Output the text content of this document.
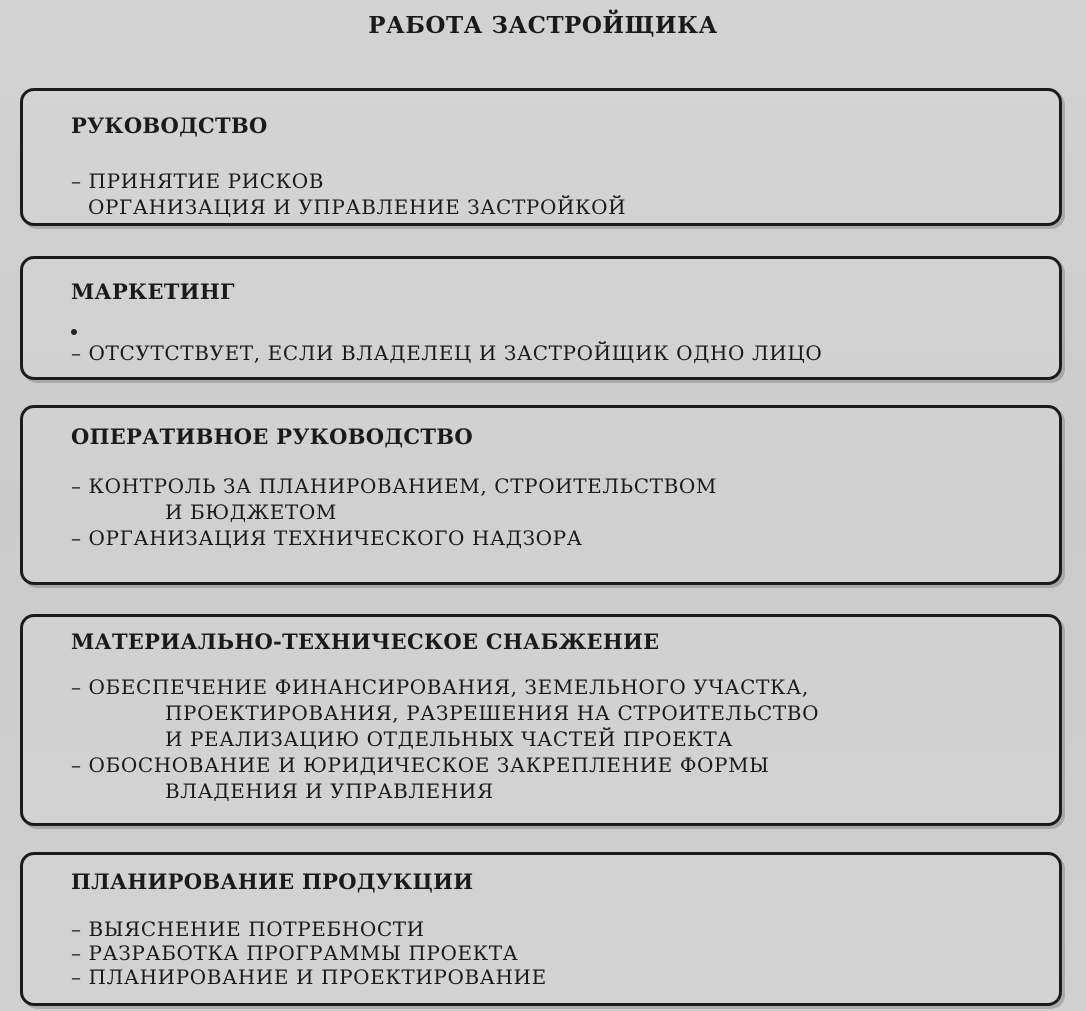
РАБОТА ЗАСТРОЙЩИКА
РУКОВОДСТВО
– ПРИНЯТИЕ РИСКОВ
ОРГАНИЗАЦИЯ И УПРАВЛЕНИЕ ЗАСТРОЙКОЙ
МАРКЕТИНГ
– ОТСУТСТВУЕТ, ЕСЛИ ВЛАДЕЛЕЦ И ЗАСТРОЙЩИК ОДНО ЛИЦО
ОПЕРАТИВНОЕ РУКОВОДСТВО
– КОНТРОЛЬ ЗА ПЛАНИРОВАНИЕМ, СТРОИТЕЛЬСТВОМ
И БЮДЖЕТОМ
– ОРГАНИЗАЦИЯ ТЕХНИЧЕСКОГО НАДЗОРА
МАТЕРИАЛЬНО-ТЕХНИЧЕСКОЕ СНАБЖЕНИЕ
– ОБЕСПЕЧЕНИЕ ФИНАНСИРОВАНИЯ, ЗЕМЕЛЬНОГО УЧАСТКА,
ПРОЕКТИРОВАНИЯ, РАЗРЕШЕНИЯ НА СТРОИТЕЛЬСТВО
И РЕАЛИЗАЦИЮ ОТДЕЛЬНЫХ ЧАСТЕЙ ПРОЕКТА
– ОБОСНОВАНИЕ И ЮРИДИЧЕСКОЕ ЗАКРЕПЛЕНИЕ ФОРМЫ
ВЛАДЕНИЯ И УПРАВЛЕНИЯ
ПЛАНИРОВАНИЕ ПРОДУКЦИИ
– ВЫЯСНЕНИЕ ПОТРЕБНОСТИ
– РАЗРАБОТКА ПРОГРАММЫ ПРОЕКТА
– ПЛАНИРОВАНИЕ И ПРОЕКТИРОВАНИЕ
